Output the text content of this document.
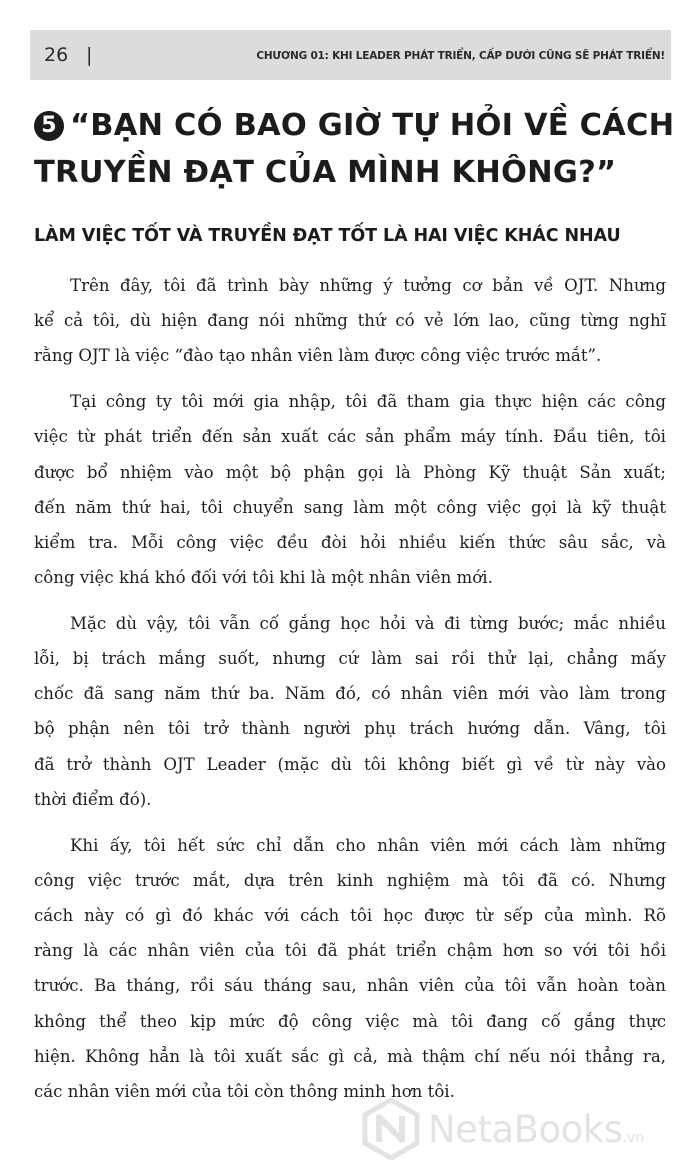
26 |	CHƯƠNG 01: KHI LEADER PHÁT TRIỂN, CẤP DƯỚI CŨNG SẼ PHÁT TRIỂN!
5 “BẠN CÓ BAO GIỜ TỰ HỎI VỀ CÁCH
TRUYỀN ĐẠT CỦA MÌNH KHÔNG?”
LÀM VIỆC TỐT VÀ TRUYỀN ĐẠT TỐT LÀ HAI VIỆC KHÁC NHAU
Trên đây, tôi đã trình bày những ý tưởng cơ bản về OJT. Nhưng
kể cả tôi, dù hiện đang nói những thứ có vẻ lớn lao, cũng từng nghĩ
rằng OJT là việc “đào tạo nhân viên làm được công việc trước mắt”.
Tại công ty tôi mới gia nhập, tôi đã tham gia thực hiện các công
việc từ phát triển đến sản xuất các sản phẩm máy tính. Đầu tiên, tôi
được bổ nhiệm vào một bộ phận gọi là Phòng Kỹ thuật Sản xuất;
đến năm thứ hai, tôi chuyển sang làm một công việc gọi là kỹ thuật
kiểm tra. Mỗi công việc đều đòi hỏi nhiều kiến thức sâu sắc, và
công việc khá khó đối với tôi khi là một nhân viên mới.
Mặc dù vậy, tôi vẫn cố gắng học hỏi và đi từng bước; mắc nhiều
lỗi, bị trách mắng suốt, nhưng cứ làm sai rồi thử lại, chẳng mấy
chốc đã sang năm thứ ba. Năm đó, có nhân viên mới vào làm trong
bộ phận nên tôi trở thành người phụ trách hướng dẫn. Vâng, tôi
đã trở thành OJT Leader (mặc dù tôi không biết gì về từ này vào
thời điểm đó).
Khi ấy, tôi hết sức chỉ dẫn cho nhân viên mới cách làm những
công việc trước mắt, dựa trên kinh nghiệm mà tôi đã có. Nhưng
cách này có gì đó khác với cách tôi học được từ sếp của mình. Rõ
ràng là các nhân viên của tôi đã phát triển chậm hơn so với tôi hồi
trước. Ba tháng, rồi sáu tháng sau, nhân viên của tôi vẫn hoàn toàn
không thể theo kịp mức độ công việc mà tôi đang cố gắng thực
hiện. Không hẳn là tôi xuất sắc gì cả, mà thậm chí nếu nói thẳng ra,
các nhân viên mới của tôi còn thông minh hơn tôi.
NetaBooks.vn
